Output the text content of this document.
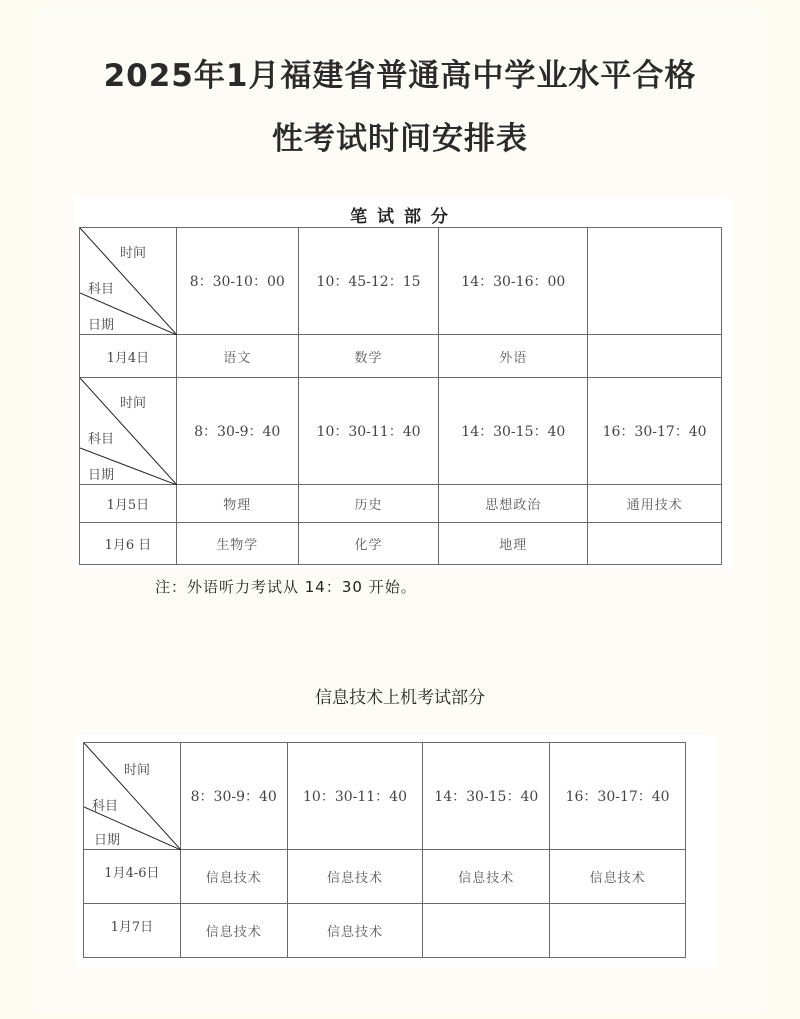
2025年1月福建省普通高中学业水平合格
性考试时间安排表
笔 试 部 分
时间
科目
日期	8：30-10：00	10：45-12：15	14：30-16：00	
1月4日	语文	数学	外语	

时间
科目
日期	8：30-9：40	10：30-11：40	14：30-15：40	16：30-17：40
1月5日	物理	历史	思想政治	通用技术
1月6 日	生物学	化学	地理	
注：外语听力考试从 14：30 开始。
信息技术上机考试部分
时间
科目
日期	8：30-9：40	10：30-11：40	14：30-15：40	16：30-17：40
1月4-6日	信息技术	信息技术	信息技术	信息技术
1月7日	信息技术	信息技术		
